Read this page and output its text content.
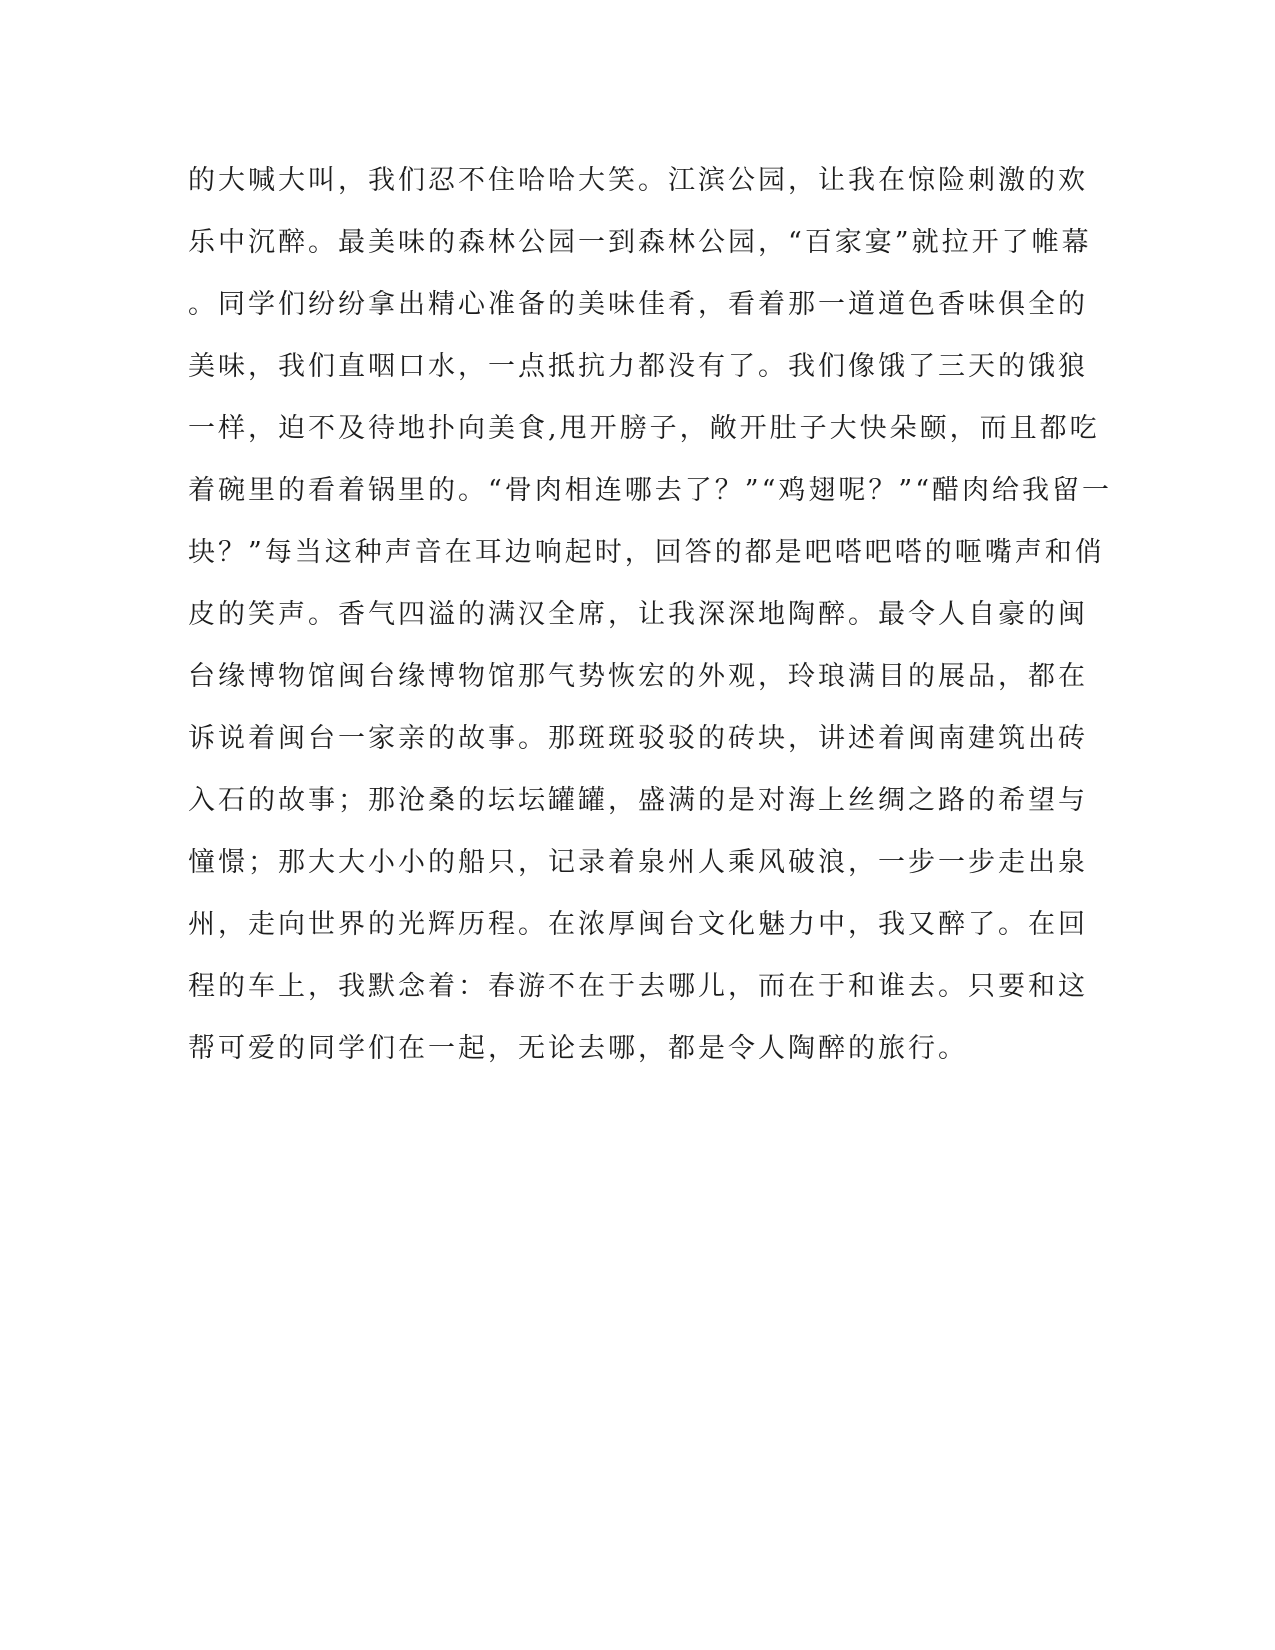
的大喊大叫，我们忍不住哈哈大笑。江滨公园，让我在惊险刺激的欢
乐中沉醉。最美味的森林公园一到森林公园，“百家宴”就拉开了帷幕
。同学们纷纷拿出精心准备的美味佳肴，看着那一道道色香味俱全的
美味，我们直咽口水，一点抵抗力都没有了。我们像饿了三天的饿狼
一样，迫不及待地扑向美食,甩开膀子，敞开肚子大快朵颐，而且都吃
着碗里的看着锅里的。“骨肉相连哪去了？”“鸡翅呢？”“醋肉给我留一
块？”每当这种声音在耳边响起时，回答的都是吧嗒吧嗒的咂嘴声和俏
皮的笑声。香气四溢的满汉全席，让我深深地陶醉。最令人自豪的闽
台缘博物馆闽台缘博物馆那气势恢宏的外观，玲琅满目的展品，都在
诉说着闽台一家亲的故事。那斑斑驳驳的砖块，讲述着闽南建筑出砖
入石的故事；那沧桑的坛坛罐罐，盛满的是对海上丝绸之路的希望与
憧憬；那大大小小的船只，记录着泉州人乘风破浪，一步一步走出泉
州，走向世界的光辉历程。在浓厚闽台文化魅力中，我又醉了。在回
程的车上，我默念着：春游不在于去哪儿，而在于和谁去。只要和这
帮可爱的同学们在一起，无论去哪，都是令人陶醉的旅行。
